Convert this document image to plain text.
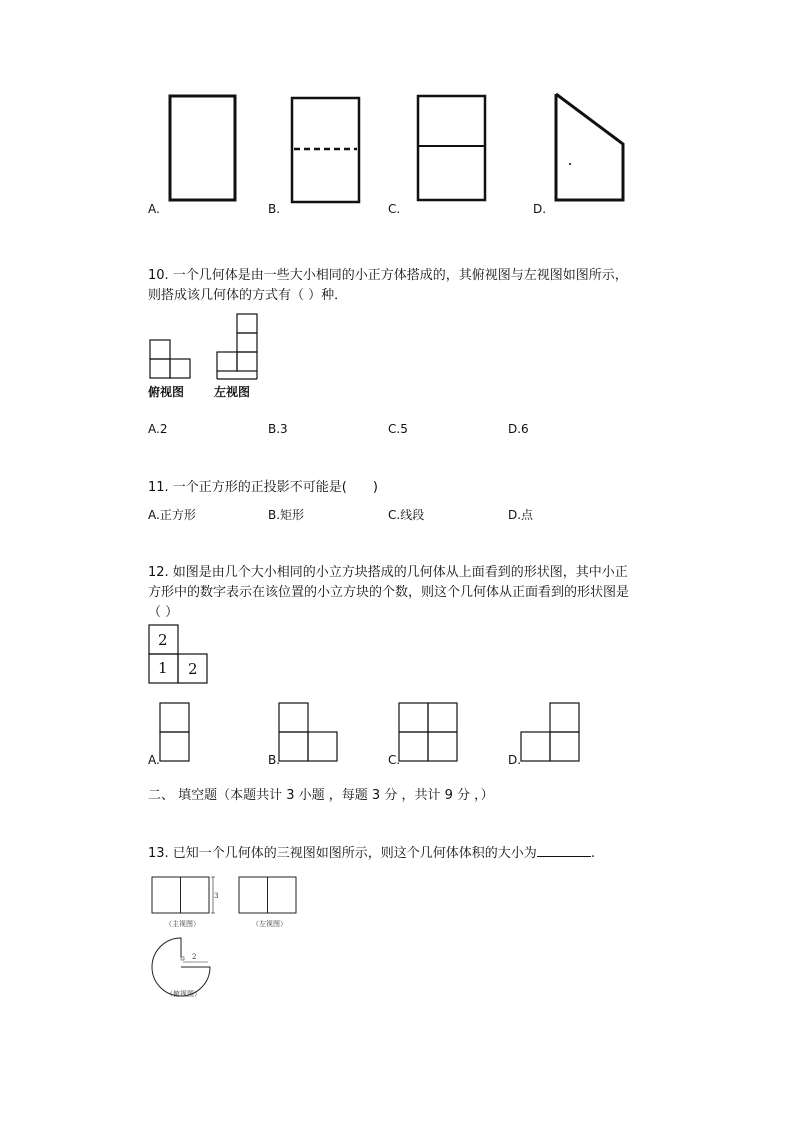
A.	B.	C.	D.
10. 一个几何体是由一些大小相同的小正方体搭成的，其俯视图与左视图如图所示，
则搭成该几何体的方式有（ ）种．
俯视图 左视图
A.2	B.3	C.5	D.6
11. 一个正方形的正投影不可能是(　　)
A.正方形	B.矩形	C.线段	D.点
12. 如图是由几个大小相同的小立方块搭成的几何体从上面看到的形状图，其中小正
方形中的数字表示在该位置的小立方块的个数，则这个几何体从正面看到的形状图是
（ ）
2
1 2
A.	B.	C.	D.
二、 填空题（本题共计 3 小题 ，每题 3 分 ，共计 9 分 ，）
13. 已知一个几何体的三视图如图所示，则这个几何体体积的大小为	.
3
（主视图）	（左视图）
2
（俯视图）
